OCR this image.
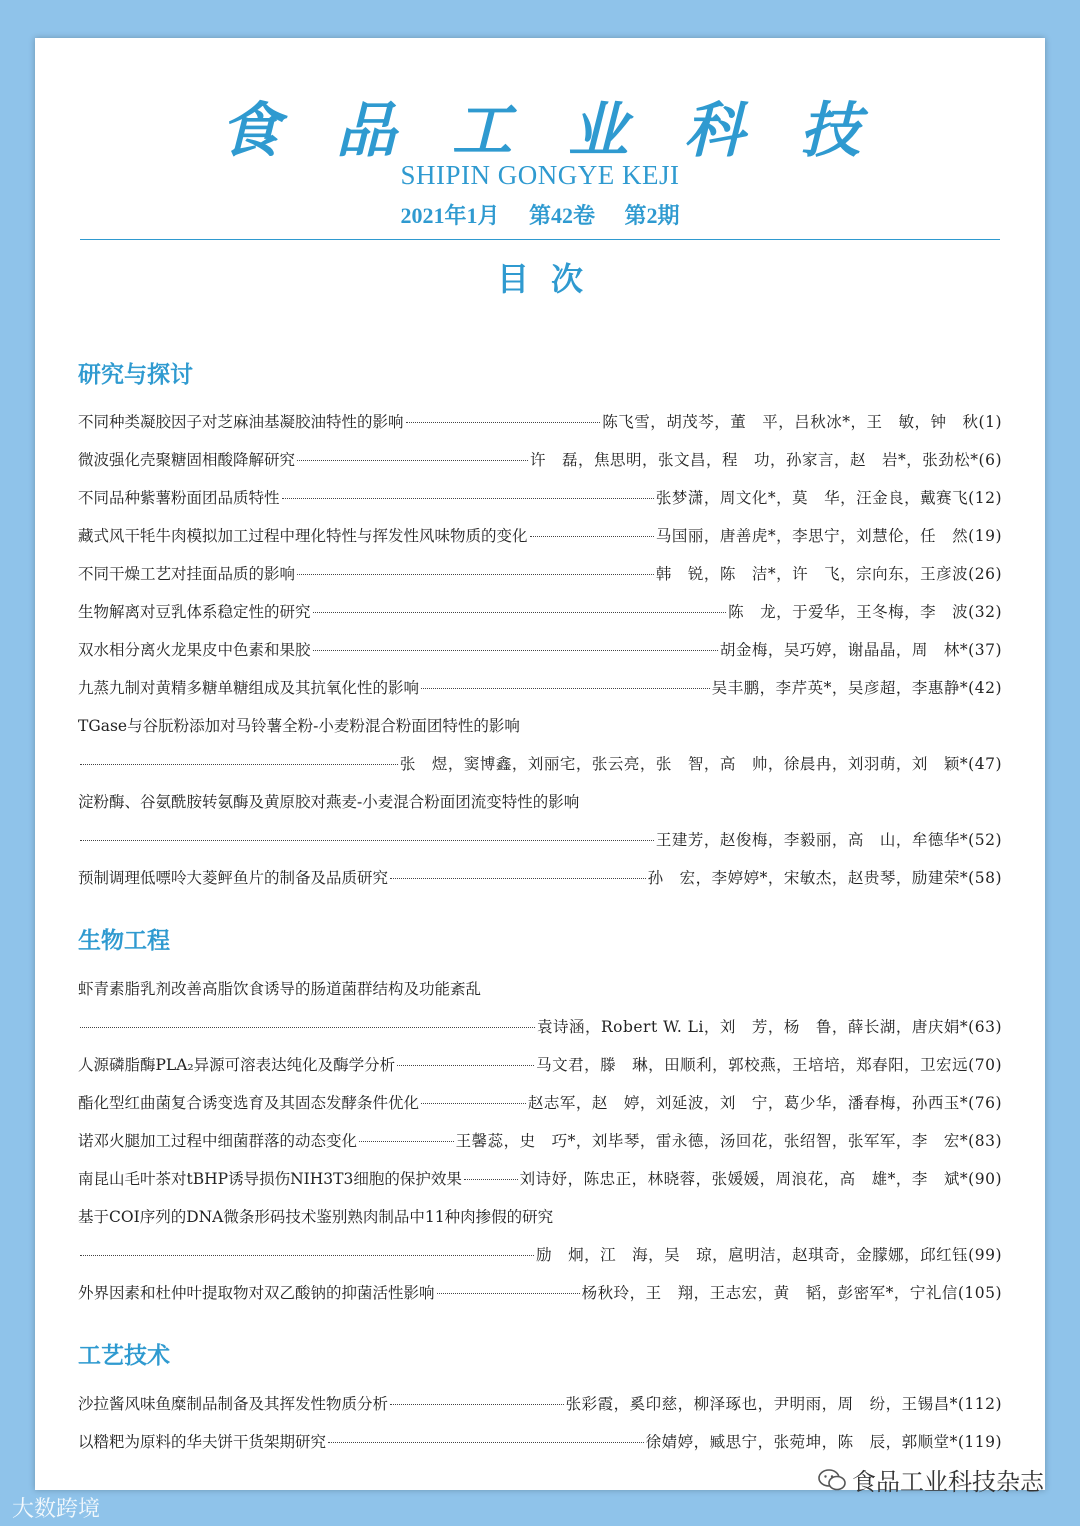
食品工业科技
SHIPIN GONGYE KEJI
2021年1月 第42卷 第2期
目次
研究与探讨
不同种类凝胶因子对芝麻油基凝胶油特性的影响	陈飞雪，胡茂芩，董　平，吕秋冰*，王　敏，钟　秋(1)
微波强化壳聚糖固相酸降解研究	许　磊，焦思明，张文昌，程　功，孙家言，赵　岩*，张劲松*(6)
不同品种紫薯粉面团品质特性	张梦潇，周文化*，莫　华，汪金良，戴赛飞(12)
藏式风干牦牛肉模拟加工过程中理化特性与挥发性风味物质的变化	马国丽，唐善虎*，李思宁，刘慧伦，任　然(19)
不同干燥工艺对挂面品质的影响	韩　锐，陈　洁*，许　飞，宗向东，王彦波(26)
生物解离对豆乳体系稳定性的研究	陈　龙，于爱华，王冬梅，李　波(32)
双水相分离火龙果皮中色素和果胶	胡金梅，吴巧婷，谢晶晶，周　林*(37)
九蒸九制对黄精多糖单糖组成及其抗氧化性的影响	吴丰鹏，李芹英*，吴彦超，李惠静*(42)
TGase与谷朊粉添加对马铃薯全粉-小麦粉混合粉面团特性的影响
张　煜，窦博鑫，刘丽宅，张云亮，张　智，高　帅，徐晨冉，刘羽萌，刘　颖*(47)
淀粉酶、谷氨酰胺转氨酶及黄原胶对燕麦-小麦混合粉面团流变特性的影响
王建芳，赵俊梅，李毅丽，高　山，牟德华*(52)
预制调理低嘌呤大菱鲆鱼片的制备及品质研究	孙　宏，李婷婷*，宋敏杰，赵贵琴，励建荣*(58)
生物工程
虾青素脂乳剂改善高脂饮食诱导的肠道菌群结构及功能紊乱
袁诗涵，Robert W. Li，刘　芳，杨　鲁，薛长湖，唐庆娟*(63)
人源磷脂酶PLA₂异源可溶表达纯化及酶学分析	马文君，滕　琳，田顺利，郭校燕，王培培，郑春阳，卫宏远(70)
酯化型红曲菌复合诱变选育及其固态发酵条件优化	赵志军，赵　婷，刘延波，刘　宁，葛少华，潘春梅，孙西玉*(76)
诺邓火腿加工过程中细菌群落的动态变化	王馨蕊，史　巧*，刘毕琴，雷永德，汤回花，张绍智，张军军，李　宏*(83)
南昆山毛叶茶对tBHP诱导损伤NIH3T3细胞的保护效果	刘诗妤，陈忠正，林晓蓉，张媛媛，周浪花，高　雄*，李　斌*(90)
基于COI序列的DNA微条形码技术鉴别熟肉制品中11种肉掺假的研究
励　炯，江　海，吴　琼，扈明洁，赵琪奇，金朦娜，邱红钰(99)
外界因素和杜仲叶提取物对双乙酸钠的抑菌活性影响	杨秋玲，王　翔，王志宏，黄　韬，彭密军*，宁礼信(105)
工艺技术
沙拉酱风味鱼糜制品制备及其挥发性物质分析	张彩霞，奚印慈，柳泽琢也，尹明雨，周　纷，王锡昌*(112)
以糌粑为原料的华夫饼干货架期研究	徐婧婷，臧思宁，张菀坤，陈　辰，郭顺堂*(119)
大数跨境
食品工业科技杂志
